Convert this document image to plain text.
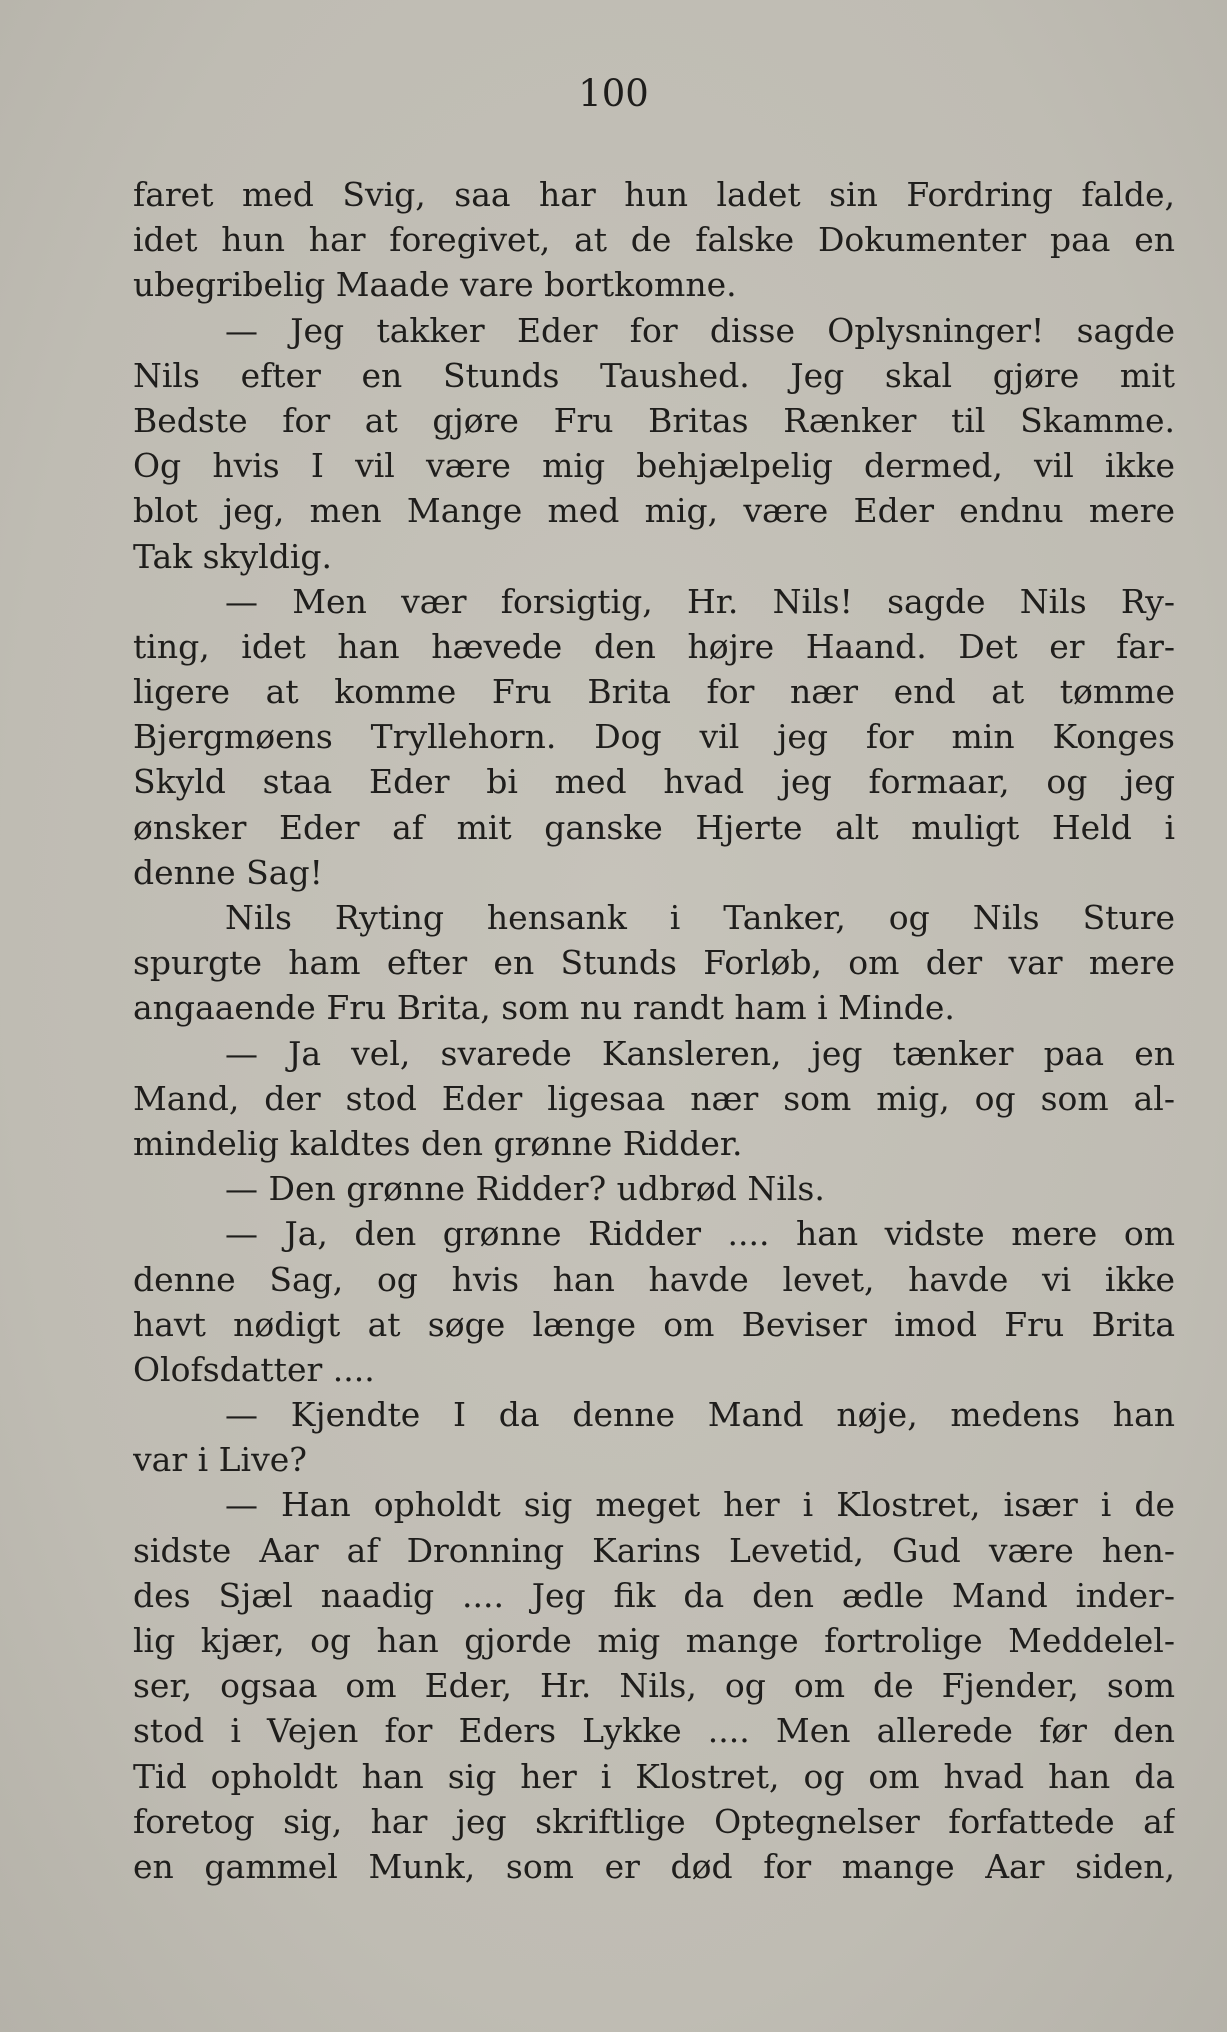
100
faret med Svig, saa har hun ladet sin Fordring falde,
idet hun har foregivet, at de falske Dokumenter paa en
ubegribelig Maade vare bortkomne.
— Jeg takker Eder for disse Oplysninger! sagde
Nils efter en Stunds Taushed. Jeg skal gjøre mit
Bedste for at gjøre Fru Britas Rænker til Skamme.
Og hvis I vil være mig behjælpelig dermed, vil ikke
blot jeg, men Mange med mig, være Eder endnu mere
Tak skyldig.
— Men vær forsigtig, Hr. Nils! sagde Nils Ry-
ting, idet han hævede den højre Haand. Det er far-
ligere at komme Fru Brita for nær end at tømme
Bjergmøens Tryllehorn. Dog vil jeg for min Konges
Skyld staa Eder bi med hvad jeg formaar, og jeg
ønsker Eder af mit ganske Hjerte alt muligt Held i
denne Sag!
Nils Ryting hensank i Tanker, og Nils Sture
spurgte ham efter en Stunds Forløb, om der var mere
angaaende Fru Brita, som nu randt ham i Minde.
— Ja vel, svarede Kansleren, jeg tænker paa en
Mand, der stod Eder ligesaa nær som mig, og som al-
mindelig kaldtes den grønne Ridder.
— Den grønne Ridder? udbrød Nils.
— Ja, den grønne Ridder .... han vidste mere om
denne Sag, og hvis han havde levet, havde vi ikke
havt nødigt at søge længe om Beviser imod Fru Brita
Olofsdatter ....
— Kjendte I da denne Mand nøje, medens han
var i Live?
— Han opholdt sig meget her i Klostret, især i de
sidste Aar af Dronning Karins Levetid, Gud være hen-
des Sjæl naadig .... Jeg fik da den ædle Mand inder-
lig kjær, og han gjorde mig mange fortrolige Meddelel-
ser, ogsaa om Eder, Hr. Nils, og om de Fjender, som
stod i Vejen for Eders Lykke .... Men allerede før den
Tid opholdt han sig her i Klostret, og om hvad han da
foretog sig, har jeg skriftlige Optegnelser forfattede af
en gammel Munk, som er død for mange Aar siden,
